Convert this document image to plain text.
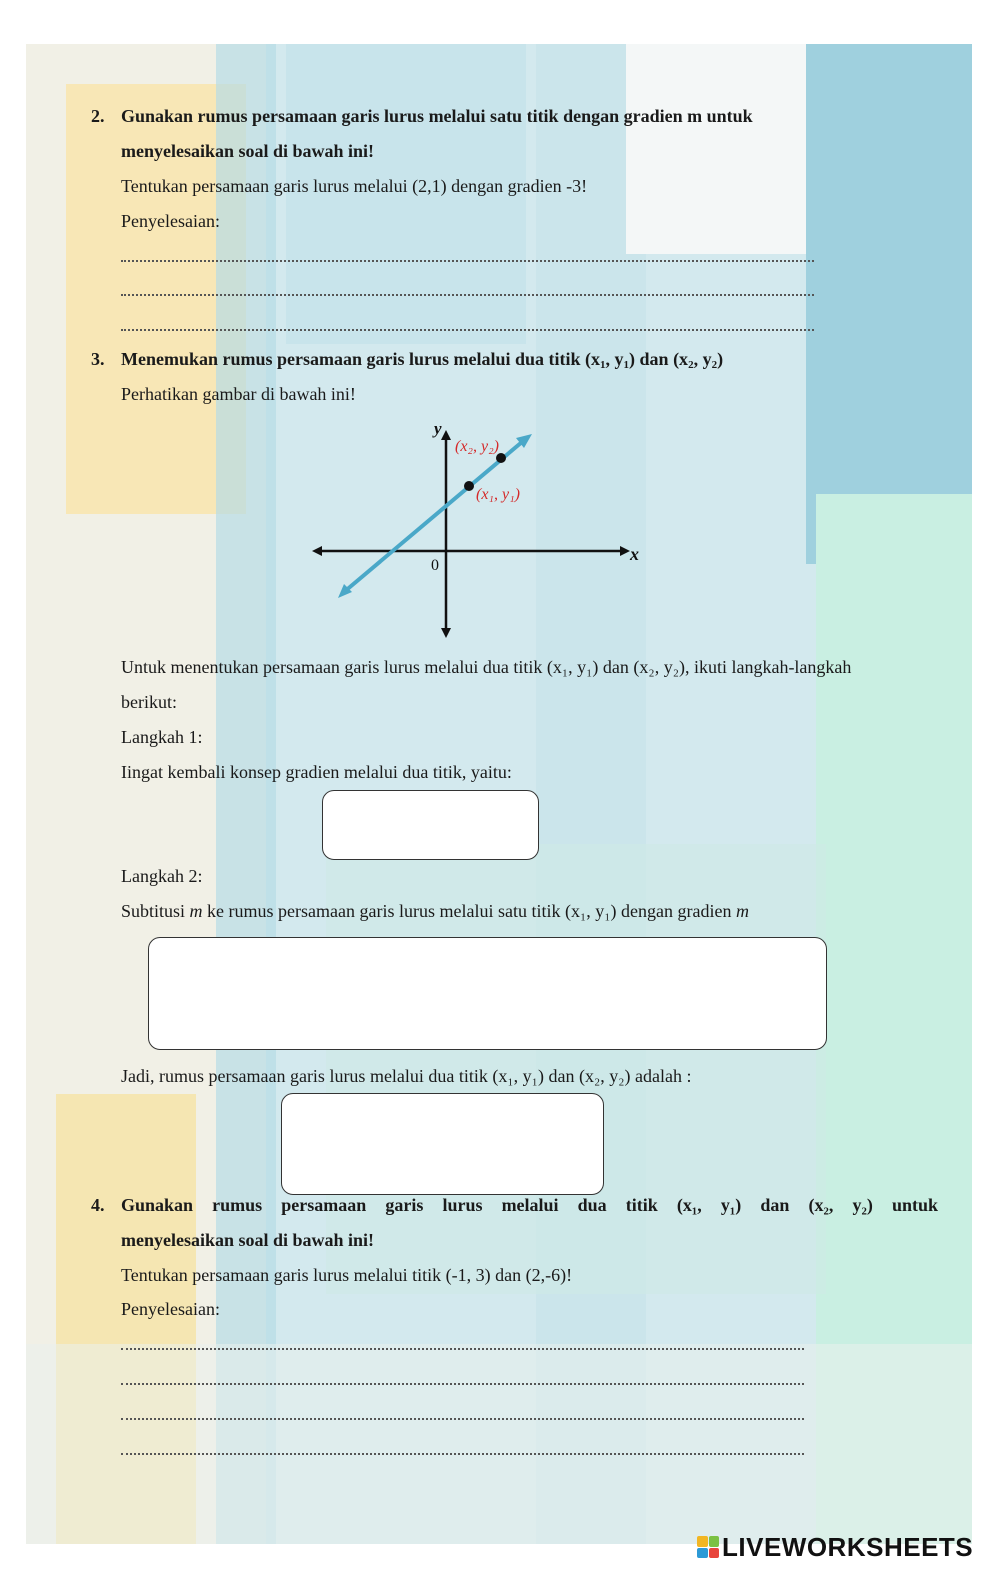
2. Gunakan rumus persamaan garis lurus melalui satu titik dengan gradien m untuk
menyelesaikan soal di bawah ini!
Tentukan persamaan garis lurus melalui (2,1) dengan gradien -3!
Penyelesaian:
3. Menemukan rumus persamaan garis lurus melalui dua titik ($x_1$, $y_1$) dan ($x_2$, $y_2$)
Perhatikan gambar di bawah ini!
y
x
0
(x₂, y₂)
(x₁, y₁)
Untuk menentukan persamaan garis lurus melalui dua titik (x₁, y₁) dan (x₂, y₂), ikuti langkah-langkah
berikut:
Langkah 1:
Iingat kembali konsep gradien melalui dua titik, yaitu:
Langkah 2:
Subtitusi m ke rumus persamaan garis lurus melalui satu titik (x₁, y₁) dengan gradien m
Jadi, rumus persamaan garis lurus melalui dua titik (x₁, y₁) dan (x₂, y₂) adalah :
4. Gunakan rumus persamaan garis lurus melalui dua titik (x₁, y₁) dan (x₂, y₂) untuk
menyelesaikan soal di bawah ini!
Tentukan persamaan garis lurus melalui titik (-1, 3) dan (2,-6)!
Penyelesaian:
LIVEWORKSHEETS
